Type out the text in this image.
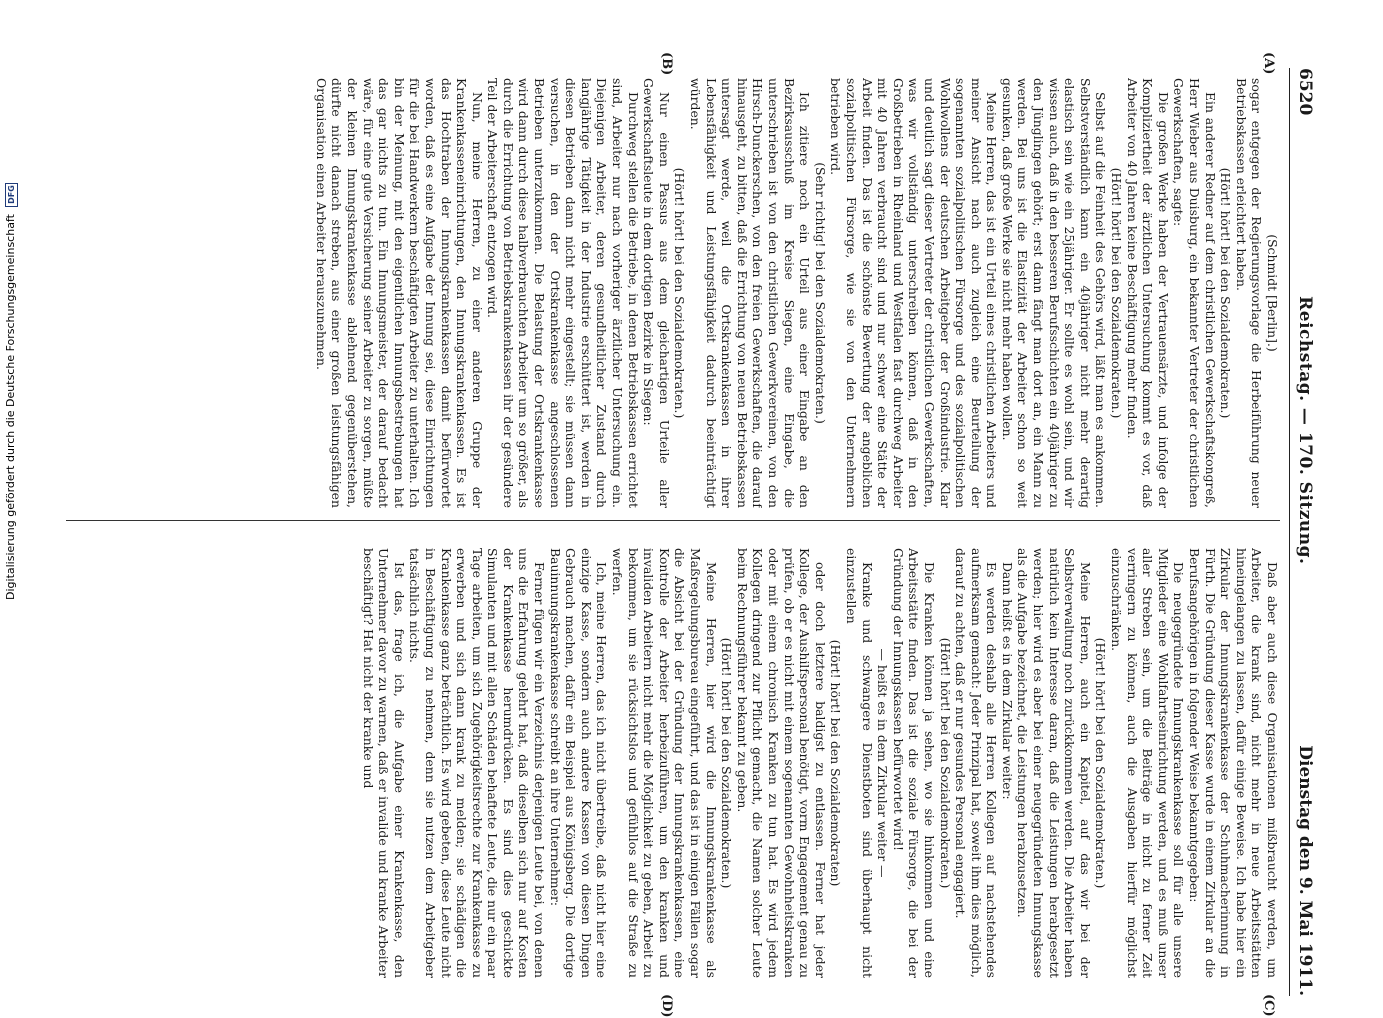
6520
Reichstag. — 170. Sitzung.
Dienstag den 9. Mai 1911.
(A)
(B)
(C)
(D)

(Schmidt [Berlin].)

sogar entgegen der Regierungsvorlage die Herbeiführung neuer Betriebskassen erleichtert haben.

(Hört! hört! bei den Sozialdemokraten.)

Ein anderer Redner auf dem christlichen Gewerkschaftskongreß, Herr Wieber aus Duisburg, ein bekannter Vertreter der christlichen Gewerkschaften, sagte:

Die großen Werke haben der Vertrauensärzte, und infolge der Kompliziertheit der ärztlichen Untersuchung kommt es vor, daß Arbeiter von 40 Jahren keine Beschäftigung mehr finden.

(Hört! hört! bei den Sozialdemokraten.)

Selbst auf die Feinheit des Gehörs wird, läßt man es ankommen. Selbstverständlich kann ein 40jähriger nicht mehr derartig elastisch sein wie ein 25jähriger. Er sollte es wohl sein, und wir wissen auch, daß in den besseren Berufsschichten ein 40jähriger zu den Jünglingen gehört; erst dann fängt man dort an, ein Mann zu werden. Bei uns ist die Elastizität der Arbeiter schon so weit gesunken, daß große Werke sie nicht mehr haben wollen.

Meine Herren, das ist ein Urteil eines christlichen Arbeiters und meiner Ansicht nach auch zugleich eine Beurteilung der sogenannten sozialpolitischen Fürsorge und des sozialpolitischen Wohlwollens der deutschen Arbeitgeber der Großindustrie. Klar und deutlich sagt dieser Vertreter der christlichen Gewerkschaften, was wir vollständig unterschreiben können, daß in den Großbetrieben in Rheinland und Westfalen fast durchweg Arbeiter mit 40 Jahren verbraucht sind und nur schwer eine Stätte der Arbeit finden. Das ist die schönste Bewertung der angeblichen sozialpolitischen Fürsorge, wie sie von den Unternehmern betrieben wird.

(Sehr richtig! bei den Sozialdemokraten.)

Ich zitiere noch ein Urteil aus einer Eingabe an den Bezirksausschuß im Kreise Siegen, eine Eingabe, die unterschrieben ist von den christlichen Gewerkvereinen, von den Hirsch-Dunckerschen, von den freien Gewerkschaften, die darauf hinausgeht, zu bitten, daß die Errichtung von neuen Betriebskassen untersagt werde, weil die Ortskrankenkassen in ihrer Lebensfähigkeit und Leistungsfähigkeit dadurch beeinträchtigt würden.

(Hört! hört! bei den Sozialdemokraten.)

Nur einen Passus aus dem gleichartigen Urteile aller Gewerkschaftsleute in dem dortigen Bezirke in Siegen:

Durchweg stellen die Betriebe, in denen Betriebskassen errichtet sind, Arbeiter nur nach vorheriger ärztlicher Untersuchung ein. Diejenigen Arbeiter, deren gesundheitlicher Zustand durch langjährige Tätigkeit in der Industrie erschüttert ist, werden in diesen Betrieben dann nicht mehr eingestellt; sie müssen dann versuchen, in den der Ortskrankenkasse angeschlossenen Betrieben unterzukommen. Die Belastung der Ortskrankenkasse wird dann durch diese halbverbrauchten Arbeiter um so größer, als durch die Errichtung von Betriebskrankenkassen ihr der gesündere Teil der Arbeiterschaft entzogen wird.

Nun, meine Herren, zu einer anderen Gruppe der Krankenkasseneinrichtungen, den Innungskrankenkassen. Es ist das Hochtraben der Innungskrankenkassen damit befürwortet worden, daß es eine Aufgabe der Innung sei, diese Einrichtungen für die bei Handwerkern beschäftigten Arbeiter zu unterhalten. Ich bin der Meinung, mit den eigentlichen Innungsbestrebungen hat das gar nichts zu tun. Ein Innungsmeister, der darauf bedacht wäre, für eine gute Versicherung seiner Arbeiter zu sorgen, müßte der kleinen Innungskrankenkasse ablehnend gegenüberstehen, dürfte nicht danach streben, aus einer großen leistungsfähigen Organisation einen Arbeiter herauszunehmen.

Daß aber auch diese Organisationen mißbraucht werden, um Arbeiter, die krank sind, nicht mehr in neue Arbeitsstätten hineingelangen zu lassen, dafür einige Beweise. Ich habe hier ein Zirkular der Innungskrankenkasse der Schuhmacherinnung in Fürth. Die Gründung dieser Kasse wurde in einem Zirkular an die Berufsangehörigen in folgender Weise bekanntgegeben:

Die neugegründete Innungskrankenkasse soll für alle unsere Mitglieder eine Wohlfahrtseinrichtung werden, und es muß unser aller Streben sein, um die Beiträge in nicht zu ferner Zeit verringern zu können, auch die Ausgaben hierfür möglichst einzuschränken.

(Hört! hört! bei den Sozialdemokraten.)

Meine Herren, auch ein Kapitel, auf das wir bei der Selbstverwaltung noch zurückkommen werden. Die Arbeiter haben natürlich kein Interesse daran, daß die Leistungen herabgesetzt werden; hier wird es aber bei einer neugegründeten Innungskasse als die Aufgabe bezeichnet, die Leistungen herabzusetzen.

Dann heißt es in dem Zirkular weiter:

Es werden deshalb alle Herren Kollegen auf nachstehendes aufmerksam gemacht: Jeder Prinzipal hat, soweit ihm dies möglich, darauf zu achten, daß er nur gesundes Personal engagiert.

(Hört! hört! bei den Sozialdemokraten.)

Die Kranken können ja sehen, wo sie hinkommen und eine Arbeitsstätte finden. Das ist die soziale Fürsorge, die bei der Gründung der Innungskassen befürwortet wird!

— heißt es in dem Zirkular weiter —

Kranke und schwangere Dienstboten sind überhaupt nicht einzustellen

(Hört! hört! bei den Sozialdemokraten)

oder doch letztere baldigst zu entlassen. Ferner hat jeder Kollege, der Aushilfspersonal benötigt, vorm Engagement genau zu prüfen, ob er es nicht mit einem sogenannten Gewohnheitskranken oder mit einem chronisch Kranken zu tun hat. Es wird jedem Kollegen dringend zur Pflicht gemacht, die Namen solcher Leute beim Rechnungsführer bekannt zu geben.

(Hört! hört! bei den Sozialdemokraten.)

Meine Herren, hier wird die Innungskrankenkasse als Maßregelungsbureau eingeführt, und das ist in einigen Fällen sogar die Absicht bei der Gründung der Innungskrankenkassen, eine Kontrolle der Arbeiter herbeizuführen, um den kranken und invaliden Arbeitern nicht mehr die Möglichkeit zu geben, Arbeit zu bekommen, um sie rücksichtslos und gefühllos auf die Straße zu werfen.

Ich, meine Herren, das ich nicht übertreibe, daß nicht hier eine einzige Kasse, sondern auch andere Kassen von diesen Dingen Gebrauch machen, dafür ein Beispiel aus Königsberg. Die dortige Bauinnungskrankenkasse schreibt an ihre Unternehmer:

Ferner fügen wir ein Verzeichnis derjenigen Leute bei, von denen uns die Erfahrung gelehrt hat, daß dieselben sich nur auf Kosten der Krankenkasse herumdrücken. Es sind dies geschickte Simulanten und mit allen Schäden behaftete Leute, die nur ein paar Tage arbeiten, um sich Zugehörigkeitsrechte zur Krankenkasse zu erwerben und sich dann krank zu melden; sie schädigen die Krankenkasse ganz beträchtlich. Es wird gebeten, diese Leute nicht in Beschäftigung zu nehmen, denn sie nutzen dem Arbeitgeber tatsächlich nichts.

Ist das, frage ich, die Aufgabe einer Krankenkasse, den Unternehmer davor zu warnen, daß er invalide und kranke Arbeiter beschäftigt? Hat nicht der kranke und

Digitalisierung gefördert durch die Deutsche Forschungsgemeinschaft DFG
